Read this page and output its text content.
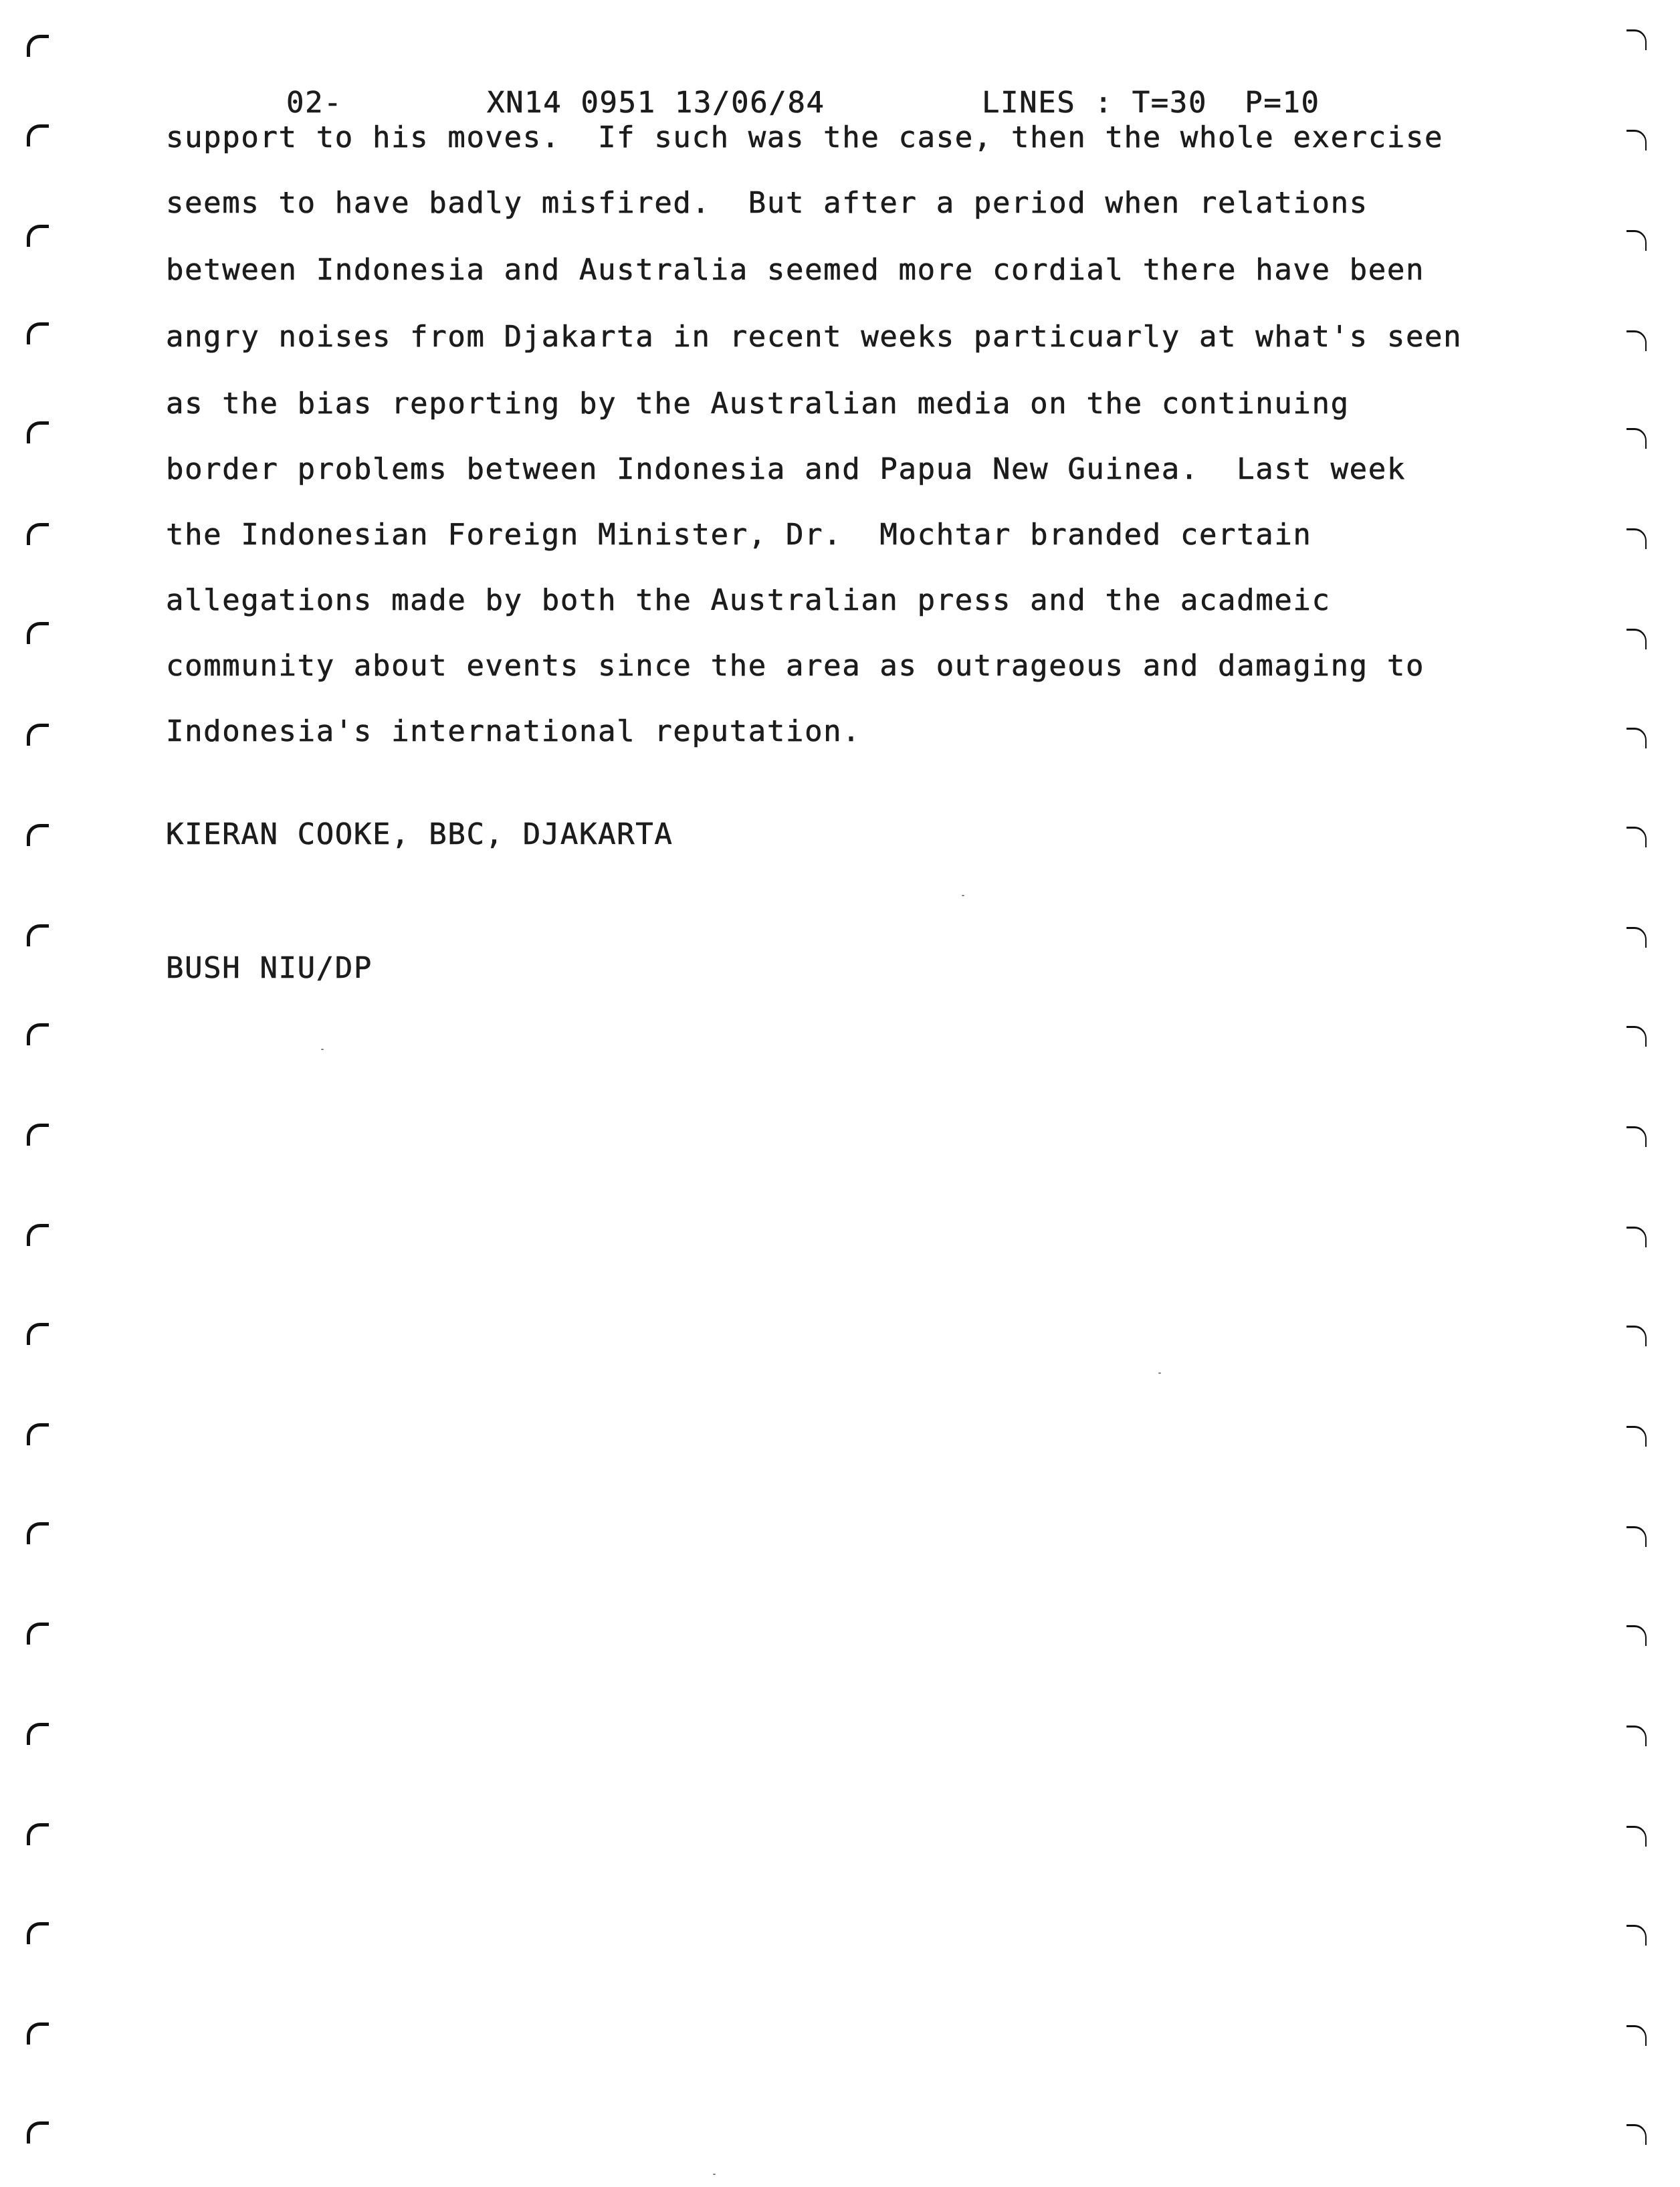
02-

	XN14 0951 13/06/84

	LINES : T=30  P=10

support to his moves.  If such was the case, then the whole exercise

seems to have badly misfired.  But after a period when relations

between Indonesia and Australia seemed more cordial there have been

angry noises from Djakarta in recent weeks particuarly at what's seen

as the bias reporting by the Australian media on the continuing

border problems between Indonesia and Papua New Guinea.  Last week

the Indonesian Foreign Minister, Dr.  Mochtar branded certain

allegations made by both the Australian press and the acadmeic

community about events since the area as outrageous and damaging to

Indonesia's international reputation.

KIERAN COOKE, BBC, DJAKARTA
BUSH NIU/DP
